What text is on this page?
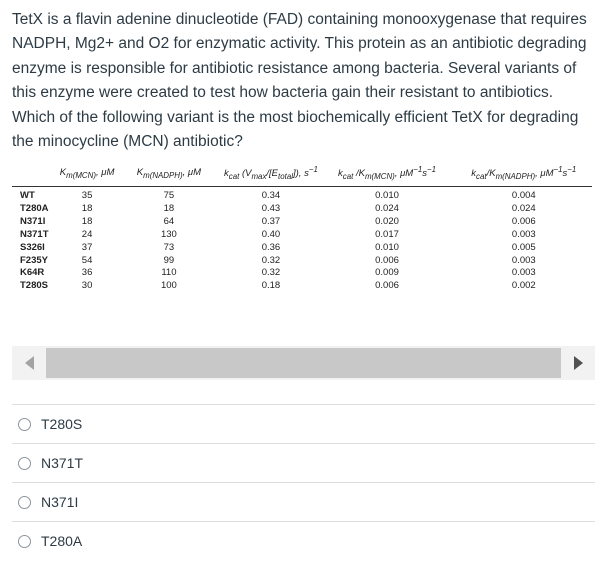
TetX is a flavin adenine dinucleotide (FAD) containing monooxygenase that requires NADPH, Mg2+ and O2 for enzymatic activity. This protein as an antibiotic degrading enzyme is responsible for antibiotic resistance among bacteria. Several variants of this enzyme were created to test how bacteria gain their resistant to antibiotics. Which of the following variant is the most biochemically efficient TetX for degrading the minocycline (MCN) antibiotic?
	$K_{m(MCN)}$, μM	$K_{m(NADPH)}$, μM	$k_{cat}$ $(V_{max}/[E_{total}])$, $s^{-1}$	$k_{cat}$ $/K_{m(MCN)}$, $\mu M^{-1}s^{-1}$	$k_{cat}/K_{m(NADPH)}$, $\mu M^{-1}s^{-1}$
WT	35	75	0.34	0.010	0.004
T280A	18	18	0.43	0.024	0.024
N371I	18	64	0.37	0.020	0.006
N371T	24	130	0.40	0.017	0.003
S326I	37	73	0.36	0.010	0.005
F235Y	54	99	0.32	0.006	0.003
K64R	36	110	0.32	0.009	0.003
T280S	30	100	0.18	0.006	0.002
T280S
N371T
N371I
T280A
